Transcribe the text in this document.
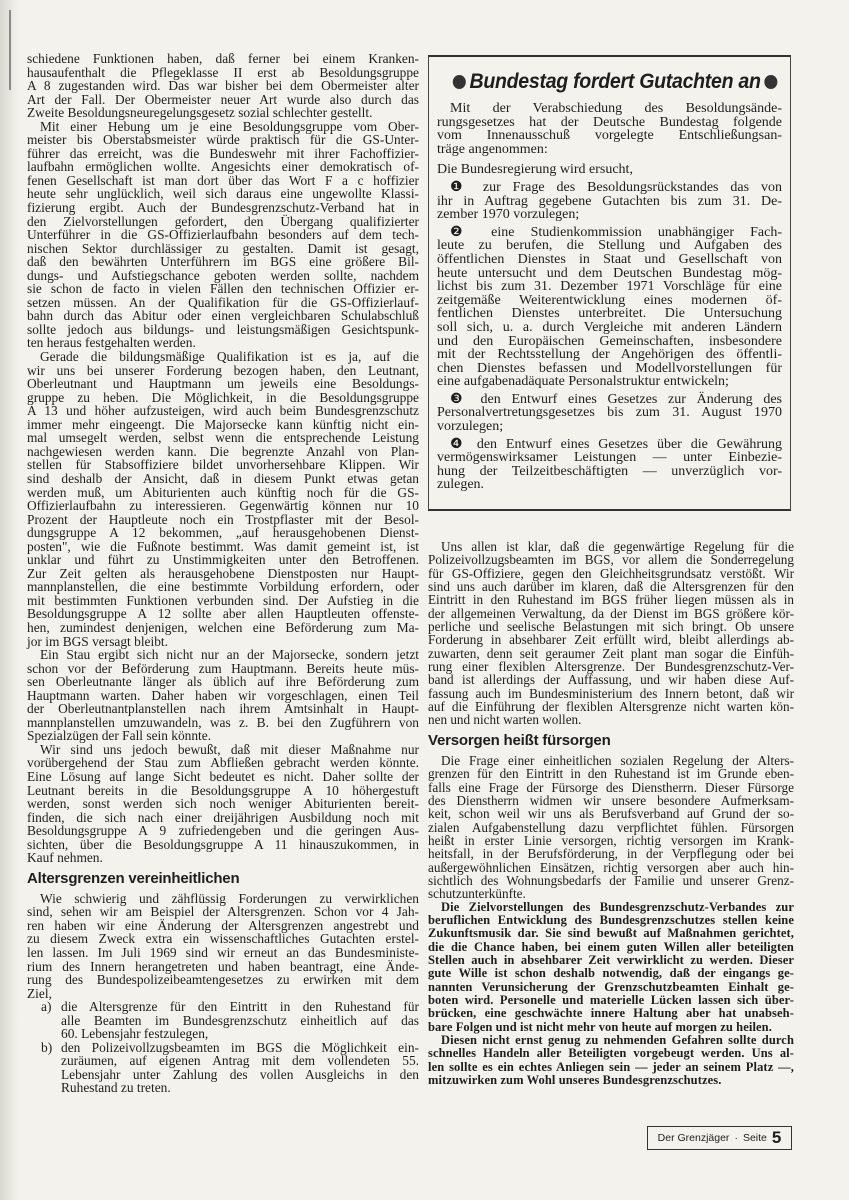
schiedene Funktionen haben, daß ferner bei einem Kranken-
hausaufenthalt die Pflegeklasse II erst ab Besoldungsgruppe
A 8 zugestanden wird. Das war bisher bei dem Obermeister alter
Art der Fall. Der Obermeister neuer Art wurde also durch das
Zweite Besoldungsneuregelungsgesetz sozial schlechter gestellt.
Mit einer Hebung um je eine Besoldungsgruppe vom Ober-
meister bis Oberstabsmeister würde praktisch für die GS-Unter-
führer das erreicht, was die Bundeswehr mit ihrer Fachoffizier-
laufbahn ermöglichen wollte. Angesichts einer demokratisch of-
fenen Gesellschaft ist man dort über das Wort F a c hoffizier
heute sehr unglücklich, weil sich daraus eine ungewollte Klassi-
fizierung ergibt. Auch der Bundesgrenzschutz-Verband hat in
den Zielvorstellungen gefordert, den Übergang qualifizierter
Unterführer in die GS-Offizierlaufbahn besonders auf dem tech-
nischen Sektor durchlässiger zu gestalten. Damit ist gesagt,
daß den bewährten Unterführern im BGS eine größere Bil-
dungs- und Aufstiegschance geboten werden sollte, nachdem
sie schon de facto in vielen Fällen den technischen Offizier er-
setzen müssen. An der Qualifikation für die GS-Offizierlauf-
bahn durch das Abitur oder einen vergleichbaren Schulabschluß
sollte jedoch aus bildungs- und leistungsmäßigen Gesichtspunk-
ten heraus festgehalten werden.
Gerade die bildungsmäßige Qualifikation ist es ja, auf die
wir uns bei unserer Forderung bezogen haben, den Leutnant,
Oberleutnant und Hauptmann um jeweils eine Besoldungs-
gruppe zu heben. Die Möglichkeit, in die Besoldungsgruppe
A 13 und höher aufzusteigen, wird auch beim Bundesgrenzschutz
immer mehr eingeengt. Die Majorsecke kann künftig nicht ein-
mal umsegelt werden, selbst wenn die entsprechende Leistung
nachgewiesen werden kann. Die begrenzte Anzahl von Plan-
stellen für Stabsoffiziere bildet unvorhersehbare Klippen. Wir
sind deshalb der Ansicht, daß in diesem Punkt etwas getan
werden muß, um Abiturienten auch künftig noch für die GS-
Offizierlaufbahn zu interessieren. Gegenwärtig können nur 10
Prozent der Hauptleute noch ein Trostpflaster mit der Besol-
dungsgruppe A 12 bekommen, „auf herausgehobenen Dienst-
posten", wie die Fußnote bestimmt. Was damit gemeint ist, ist
unklar und führt zu Unstimmigkeiten unter den Betroffenen.
Zur Zeit gelten als herausgehobene Dienstposten nur Haupt-
mannplanstellen, die eine bestimmte Vorbildung erfordern, oder
mit bestimmten Funktionen verbunden sind. Der Aufstieg in die
Besoldungsgruppe A 12 sollte aber allen Hauptleuten offenste-
hen, zumindest denjenigen, welchen eine Beförderung zum Ma-
jor im BGS versagt bleibt.
Ein Stau ergibt sich nicht nur an der Majorsecke, sondern jetzt
schon vor der Beförderung zum Hauptmann. Bereits heute müs-
sen Oberleutnante länger als üblich auf ihre Beförderung zum
Hauptmann warten. Daher haben wir vorgeschlagen, einen Teil
der Oberleutnantplanstellen nach ihrem Amtsinhalt in Haupt-
mannplanstellen umzuwandeln, was z. B. bei den Zugführern von
Spezialzügen der Fall sein könnte.
Wir sind uns jedoch bewußt, daß mit dieser Maßnahme nur
vorübergehend der Stau zum Abfließen gebracht werden könnte.
Eine Lösung auf lange Sicht bedeutet es nicht. Daher sollte der
Leutnant bereits in die Besoldungsgruppe A 10 höhergestuft
werden, sonst werden sich noch weniger Abiturienten bereit-
finden, die sich nach einer dreijährigen Ausbildung noch mit
Besoldungsgruppe A 9 zufriedengeben und die geringen Aus-
sichten, über die Besoldungsgruppe A 11 hinauszukommen, in
Kauf nehmen.
Altersgrenzen vereinheitlichen
Wie schwierig und zähflüssig Forderungen zu verwirklichen
sind, sehen wir am Beispiel der Altersgrenzen. Schon vor 4 Jah-
ren haben wir eine Änderung der Altersgrenzen angestrebt und
zu diesem Zweck extra ein wissenschaftliches Gutachten erstel-
len lassen. Im Juli 1969 sind wir erneut an das Bundesministe-
rium des Innern herangetreten und haben beantragt, eine Ände-
rung des Bundespolizeibeamtengesetzes zu erwirken mit dem
Ziel,
a) die Altersgrenze für den Eintritt in den Ruhestand für
alle Beamten im Bundesgrenzschutz einheitlich auf das
60. Lebensjahr festzulegen,
b) den Polizeivollzugsbeamten im BGS die Möglichkeit ein-
zuräumen, auf eigenen Antrag mit dem vollendeten 55.
Lebensjahr unter Zahlung des vollen Ausgleichs in den
Ruhestand zu treten.
Bundestag fordert Gutachten an
Mit der Verabschiedung des Besoldungsände-
rungsgesetzes hat der Deutsche Bundestag folgende
vom Innenausschuß vorgelegte Entschließungsan-
träge angenommen:
Die Bundesregierung wird ersucht,
❶ zur Frage des Besoldungsrückstandes das von
ihr in Auftrag gegebene Gutachten bis zum 31. De-
zember 1970 vorzulegen;
❷ eine Studienkommission unabhängiger Fach-
leute zu berufen, die Stellung und Aufgaben des
öffentlichen Dienstes in Staat und Gesellschaft von
heute untersucht und dem Deutschen Bundestag mög-
lichst bis zum 31. Dezember 1971 Vorschläge für eine
zeitgemäße Weiterentwicklung eines modernen öf-
fentlichen Dienstes unterbreitet. Die Untersuchung
soll sich, u. a. durch Vergleiche mit anderen Ländern
und den Europäischen Gemeinschaften, insbesondere
mit der Rechtsstellung der Angehörigen des öffentli-
chen Dienstes befassen und Modellvorstellungen für
eine aufgabenadäquate Personalstruktur entwickeln;
❸ den Entwurf eines Gesetzes zur Änderung des
Personalvertretungsgesetzes bis zum 31. August 1970
vorzulegen;
❹ den Entwurf eines Gesetzes über die Gewährung
vermögenswirksamer Leistungen — unter Einbezie-
hung der Teilzeitbeschäftigten — unverzüglich vor-
zulegen.
Uns allen ist klar, daß die gegenwärtige Regelung für die
Polizeivollzugsbeamten im BGS, vor allem die Sonderregelung
für GS-Offiziere, gegen den Gleichheitsgrundsatz verstößt. Wir
sind uns auch darüber im klaren, daß die Altersgrenzen für den
Eintritt in den Ruhestand im BGS früher liegen müssen als in
der allgemeinen Verwaltung, da der Dienst im BGS größere kör-
perliche und seelische Belastungen mit sich bringt. Ob unsere
Forderung in absehbarer Zeit erfüllt wird, bleibt allerdings ab-
zuwarten, denn seit geraumer Zeit plant man sogar die Einfüh-
rung einer flexiblen Altersgrenze. Der Bundesgrenzschutz-Ver-
band ist allerdings der Auffassung, und wir haben diese Auf-
fassung auch im Bundesministerium des Innern betont, daß wir
auf die Einführung der flexiblen Altersgrenze nicht warten kön-
nen und nicht warten wollen.
Versorgen heißt fürsorgen
Die Frage einer einheitlichen sozialen Regelung der Alters-
grenzen für den Eintritt in den Ruhestand ist im Grunde eben-
falls eine Frage der Fürsorge des Dienstherrn. Dieser Fürsorge
des Dienstherrn widmen wir unsere besondere Aufmerksam-
keit, schon weil wir uns als Berufsverband auf Grund der so-
zialen Aufgabenstellung dazu verpflichtet fühlen. Fürsorgen
heißt in erster Linie versorgen, richtig versorgen im Krank-
heitsfall, in der Berufsförderung, in der Verpflegung oder bei
außergewöhnlichen Einsätzen, richtig versorgen aber auch hin-
sichtlich des Wohnungsbedarfs der Familie und unserer Grenz-
schutzunterkünfte.
Die Zielvorstellungen des Bundesgrenzschutz-Verbandes zur
beruflichen Entwicklung des Bundesgrenzschutzes stellen keine
Zukunftsmusik dar. Sie sind bewußt auf Maßnahmen gerichtet,
die die Chance haben, bei einem guten Willen aller beteiligten
Stellen auch in absehbarer Zeit verwirklicht zu werden. Dieser
gute Wille ist schon deshalb notwendig, daß der eingangs ge-
nannten Verunsicherung der Grenzschutzbeamten Einhalt ge-
boten wird. Personelle und materielle Lücken lassen sich über-
brücken, eine geschwächte innere Haltung aber hat unabseh-
bare Folgen und ist nicht mehr von heute auf morgen zu heilen.
Diesen nicht ernst genug zu nehmenden Gefahren sollte durch
schnelles Handeln aller Beteiligten vorgebeugt werden. Uns al-
len sollte es ein echtes Anliegen sein — jeder an seinem Platz —,
mitzuwirken zum Wohl unseres Bundesgrenzschutzes.
Der Grenzjäger · Seite 5
